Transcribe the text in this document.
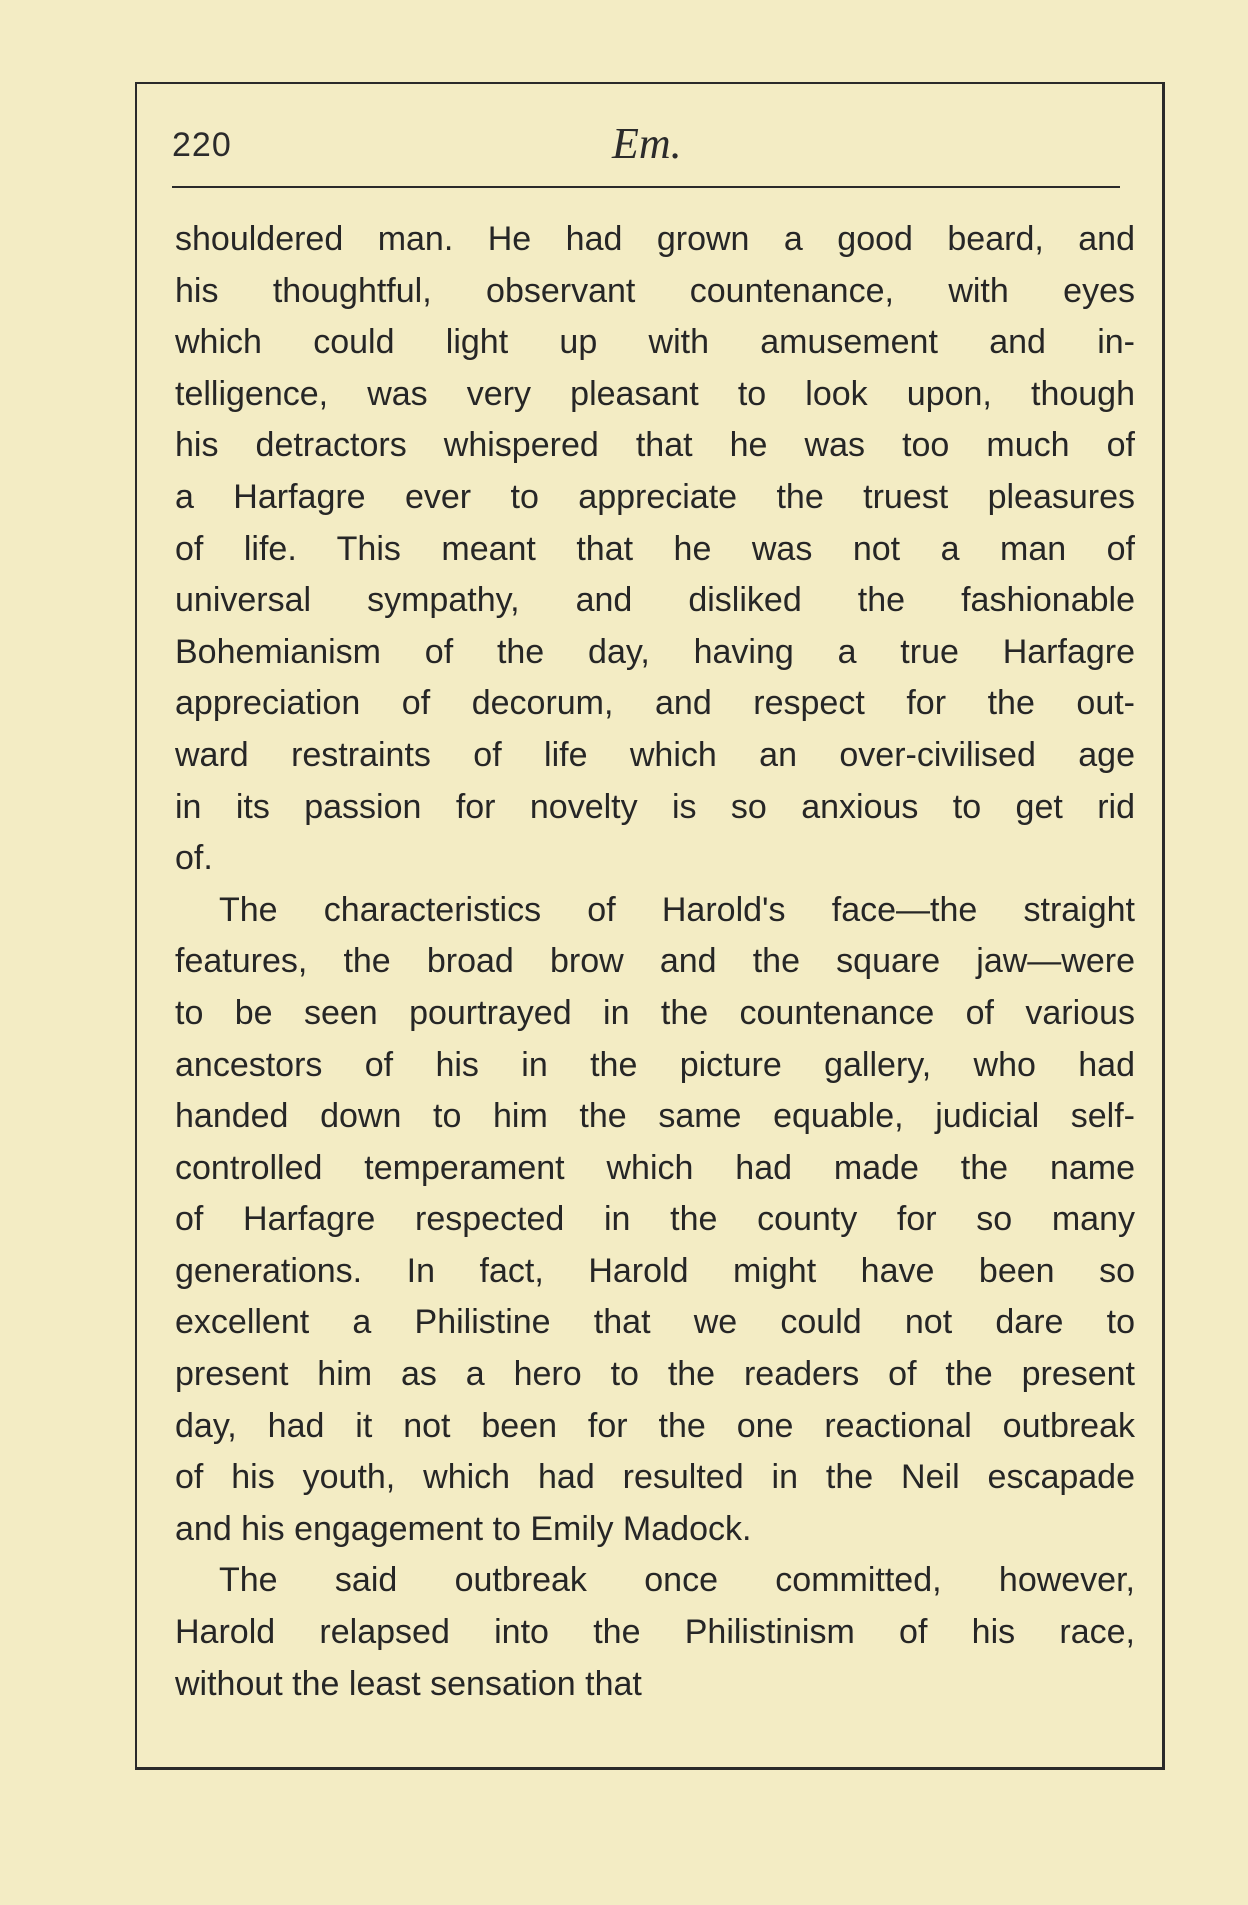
220	Em.
shouldered man. He had grown a good beard, and
his thoughtful, observant countenance, with eyes
which could light up with amusement and in-
telligence, was very pleasant to look upon, though
his detractors whispered that he was too much of
a Harfagre ever to appreciate the truest pleasures
of life. This meant that he was not a man of
universal sympathy, and disliked the fashionable
Bohemianism of the day, having a true Harfagre
appreciation of decorum, and respect for the out-
ward restraints of life which an over-civilised age
in its passion for novelty is so anxious to get rid
of.
The characteristics of Harold's face—the straight
features, the broad brow and the square jaw—were
to be seen pourtrayed in the countenance of various
ancestors of his in the picture gallery, who had
handed down to him the same equable, judicial self-
controlled temperament which had made the name
of Harfagre respected in the county for so many
generations. In fact, Harold might have been so
excellent a Philistine that we could not dare to
present him as a hero to the readers of the present
day, had it not been for the one reactional outbreak
of his youth, which had resulted in the Neil escapade
and his engagement to Emily Madock.
The said outbreak once committed, however,
Harold relapsed into the Philistinism of his race,
without the least sensation that
